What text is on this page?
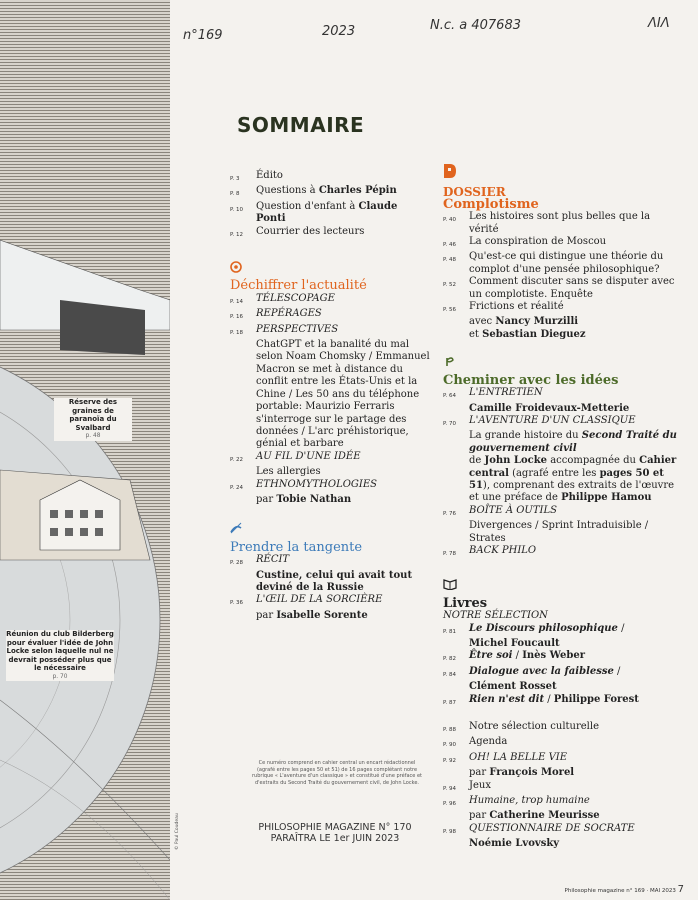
Réserve des graines de paranoïa du Svalbard
p. 48
Réunion du club Bilderberg pour évaluer l'idée de John Locke selon laquelle nul ne devrait posséder plus que le nécessaire
p. 70
© Paul Coudeau
n°169	2023	N.c. a 407683	ΛΙΛ
SOMMAIRE
P. 3	Édito
P. 8	Questions à Charles Pépin
P. 10	Question d'enfant à Claude Ponti
P. 12	Courrier des lecteurs
Déchiffrer l'actualité
P. 14	TÉLESCOPAGE
P. 16	REPÉRAGES
P. 18	PERSPECTIVES
ChatGPT et la banalité du mal selon Noam Chomsky / Emmanuel Macron se met à distance du conflit entre les États-Unis et la Chine / Les 50 ans du téléphone portable: Maurizio Ferraris s'interroge sur le partage des données / L'arc préhistorique, génial et barbare
P. 22	AU FIL D'UNE IDÉE
Les allergies
P. 24	ETHNOMYTHOLOGIES
par Tobie Nathan
Prendre la tangente
P. 28	RÉCIT
Custine, celui qui avait tout deviné de la Russie
P. 36	L'ŒIL DE LA SORCIÈRE
par Isabelle Sorente
DOSSIER
Complotisme
P. 40	Les histoires sont plus belles que la vérité
P. 46	La conspiration de Moscou
P. 48	Qu'est-ce qui distingue une théorie du complot d'une pensée philosophique?
P. 52	Comment discuter sans se disputer avec un complotiste. Enquête
P. 56	Frictions et réalité
avec Nancy Murzilli
et Sebastian Dieguez
Cheminer avec les idées
P. 64	L'ENTRETIEN
Camille Froidevaux-Metterie
P. 70	L'AVENTURE D'UN CLASSIQUE
La grande histoire du Second Traité du gouvernement civil
de John Locke accompagnée du Cahier central (agrafé entre les pages 50 et 51), comprenant des extraits de l'œuvre et une préface de Philippe Hamou
P. 76	BOÎTE À OUTILS
Divergences / Sprint Intraduisible / Strates
P. 78	BACK PHILO
Livres
NOTRE SÉLECTION
P. 81	Le Discours philosophique /
Michel Foucault
P. 82	Être soi / Inès Weber
P. 84	Dialogue avec la faiblesse /
Clément Rosset
P. 87	Rien n'est dit / Philippe Forest
P. 88	Notre sélection culturelle
P. 90	Agenda
P. 92	OH! LA BELLE VIE
par François Morel
P. 94	Jeux
P. 96	Humaine, trop humaine
par Catherine Meurisse
P. 98	QUESTIONNAIRE DE SOCRATE
Noémie Lvovsky
Ce numéro comprend en cahier central un encart rédactionnel (agrafé entre les pages 50 et 51) de 16 pages complétant notre rubrique « L'aventure d'un classique » et constitué d'une préface et d'extraits du Second Traité du gouvernement civil, de John Locke.
PHILOSOPHIE MAGAZINE N° 170
PARAÎTRA LE 1er JUIN 2023
Philosophie magazine n° 169 · MAI 2023 7
